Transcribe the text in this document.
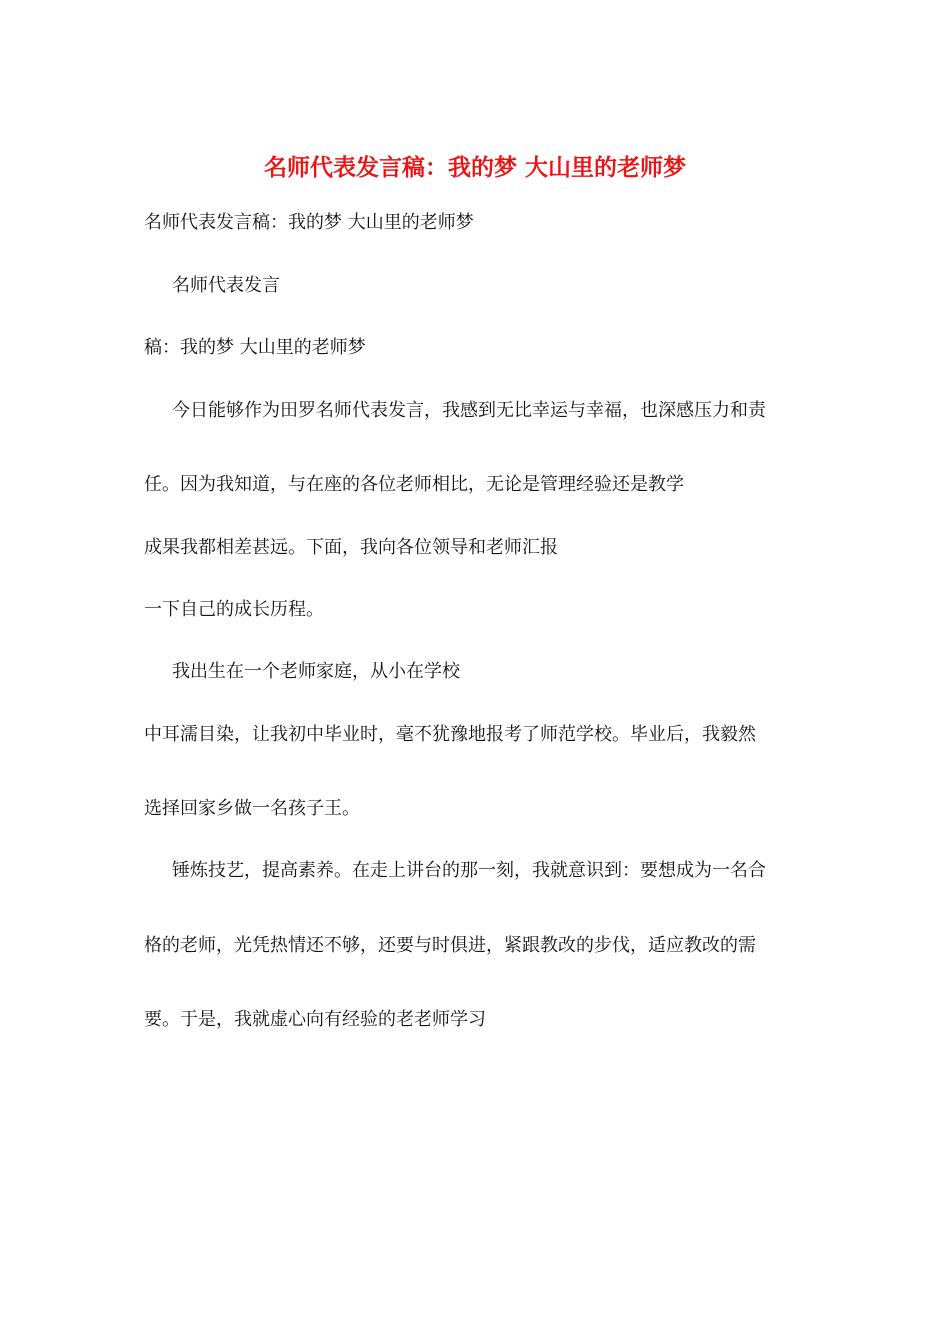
名师代表发言稿：我的梦 大山里的老师梦
名师代表发言稿：我的梦 大山里的老师梦
名师代表发言
稿：我的梦 大山里的老师梦
今日能够作为田罗名师代表发言，我感到无比幸运与幸福，也深感压力和责
任。因为我知道，与在座的各位老师相比，无论是管理经验还是教学
成果我都相差甚远。下面，我向各位领导和老师汇报
一下自己的成长历程。
我出生在一个老师家庭，从小在学校
中耳濡目染，让我初中毕业时，毫不犹豫地报考了师范学校。毕业后，我毅然
选择回家乡做一名孩子王。
锤炼技艺，提高素养。在走上讲台的那一刻，我就意识到：要想成为一名合
格的老师，光凭热情还不够，还要与时俱进，紧跟教改的步伐，适应教改的需
要。于是，我就虚心向有经验的老老师学习
